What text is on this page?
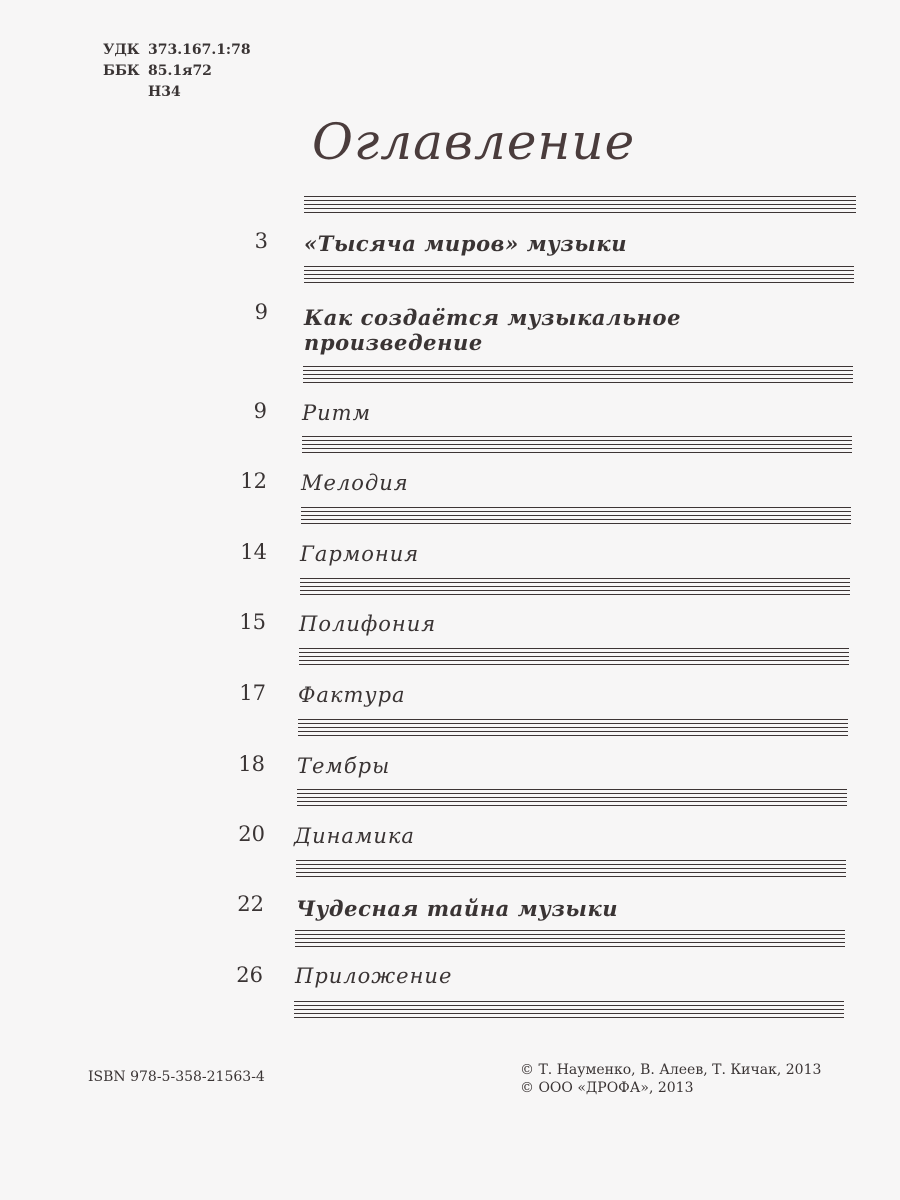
УДК 373.167.1:78
ББК 85.1я72
Н34
Оглавление
3 «Тысяча миров» музыки
9 Как создаётся музыкальное
произведение
9 Ритм
12 Мелодия
14 Гармония
15 Полифония
17 Фактура
18 Тембры
20 Динамика
22 Чудесная тайна музыки
26 Приложение
ISBN 978-5-358-21563-4	© Т. Науменко, В. Алеев, Т. Кичак, 2013
© ООО «ДРОФА», 2013
